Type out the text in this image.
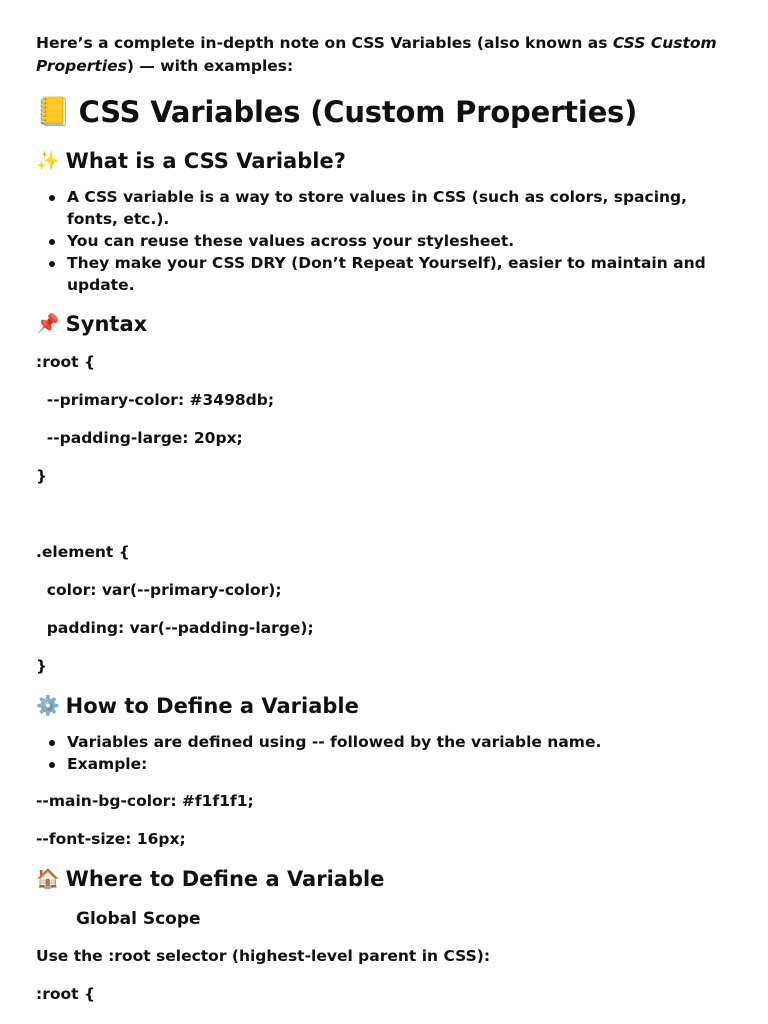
Here’s a complete in-depth note on CSS Variables (also known as CSS Custom Properties) — with examples:

📒 CSS Variables (Custom Properties)
✨ What is a CSS Variable?
A CSS variable is a way to store values in CSS (such as colors, spacing, fonts, etc.).
You can reuse these values across your stylesheet.
They make your CSS DRY (Don’t Repeat Yourself), easier to maintain and update.
📌 Syntax

:root {

--primary-color: #3498db;

--padding-large: 20px;

}

.element {

color: var(--primary-color);

padding: var(--padding-large);

}

⚙️ How to Define a Variable
Variables are defined using -- followed by the variable name.
Example:

--main-bg-color: #f1f1f1;

--font-size: 16px;

🏠 Where to Define a Variable
Global Scope

Use the :root selector (highest-level parent in CSS):

:root {
